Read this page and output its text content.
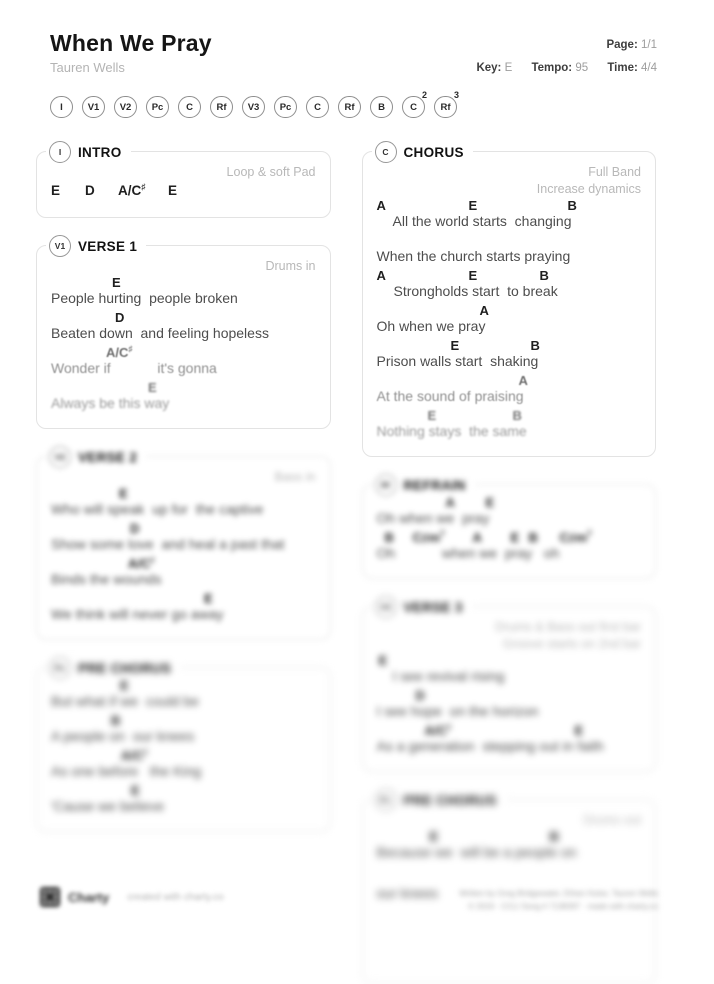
When We Pray
Tauren Wells
Page: 1/1
Key: E Tempo: 95 Time: 4/4
I	V1	V2	Pc	C	Rf	V3	Pc	C	Rf	B	C
2
Rf
3
I	INTRO
Loop & soft Pad
E D A/C♯ E
V1 VERSE 1
Drums in
E
People hurting  people broken
D
Beaten down  and feeling hopeless
A/C♯
Wonder if            it's gonna
E
Always be this way
V2 VERSE 2
Bass in
E
Who will speak  up for  the captive
D
Show some love  and heal a past that
A/C♯
Binds the wounds
E
We think will never go away
Pc PRE CHORUS
E
But what if we  could be
B
A people on  our knees
A/C♯
As one before   the King
E
'Cause we believe
C	CHORUS
Full Band
Increase dynamics
A	E	B
All the world starts  changing
When the church starts praying
A	E	B
Strongholds start  to break
A
Oh when we pray
E	B
Prison walls start  shaking
A
At the sound of praising
E	B
Nothing stays  the same
Rf	REFRAIN
A E
Oh when we  pray
B $C♯m^7$ A E B $C♯m^7$
Oh            when we  pray   oh
V3 VERSE 3
Drums & Bass out first bar
Groove starts on 2nd bar
E
I see revival rising
D
I see hope  on the horizon
A/C♯	E
As a generation  stepping out in faith
Pc PRE CHORUS
Drums out
E	B
Because we  will be a people on
our knees
Charty created with charty.co	Written by Greg Bridgewater, Ethan Hulse, Tauren Wells
© 2019 · CCLI Song # 7138397 · made with charty.co
